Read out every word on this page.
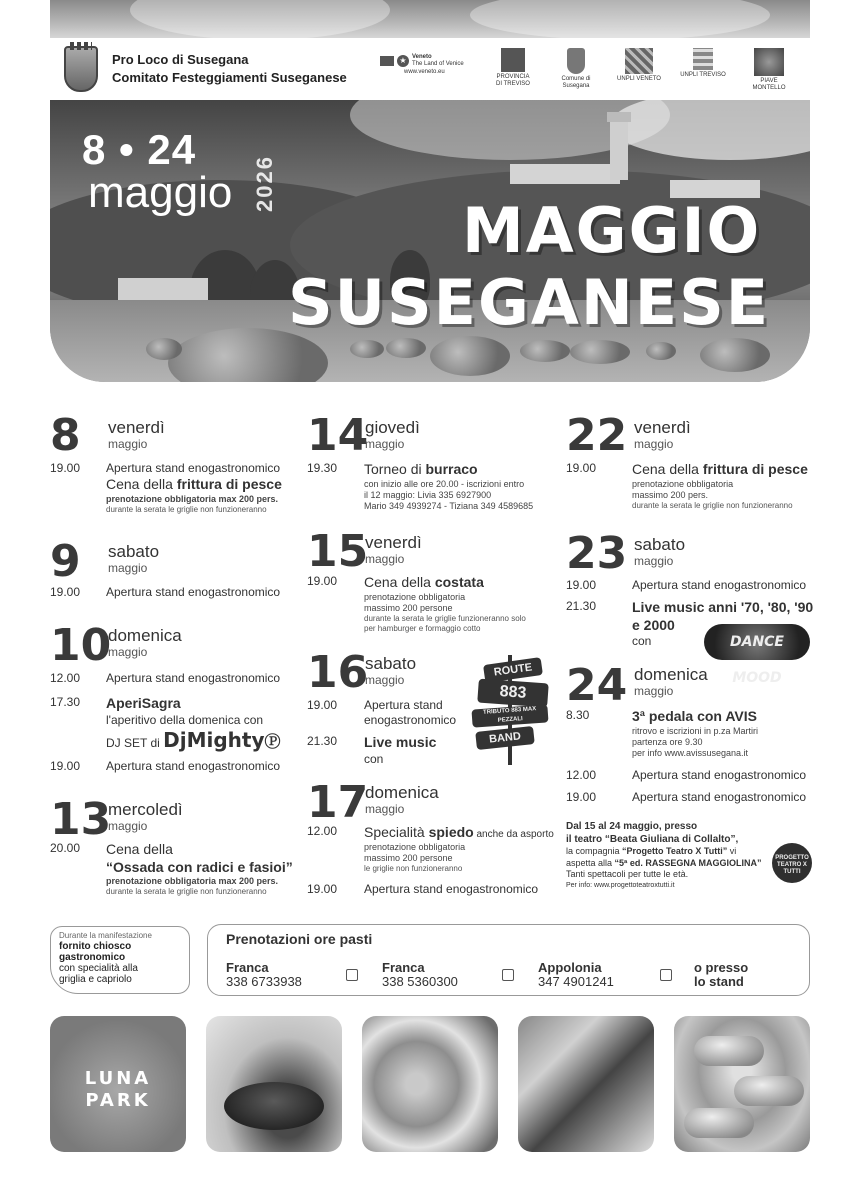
Pro Loco di Susegana
Comitato Festeggiamenti Suseganese
★ Veneto
The Land of Venice
www.veneto.eu
PROVINCIA DI TREVISO
Comune di
Susegana
UNPLI VENETO
UNPLI TREVISO
PIAVE MONTELLO
8 • 24
maggio 2026
MAGGIO
SUSEGANESE
8 venerdì
maggio
19.00 Apertura stand enogastronomico
Cena della frittura di pesce
prenotazione obbligatoria max 200 pers.
durante la serata le griglie non funzioneranno
9 sabato
maggio
19.00 Apertura stand enogastronomico
10
domenica
maggio
12.00 Apertura stand enogastronomico
17.30 AperiSagra
l'aperitivo della domenica con
DJ SET di DjMightyⓅ
19.00 Apertura stand enogastronomico
13
mercoledì
maggio
20.00 Cena della
“Ossada con radici e fasioi”
prenotazione obbligatoria max 200 pers.
durante la serata le griglie non funzioneranno
14
giovedì
maggio
19.30 Torneo di burraco
con inizio alle ore 20.00 - iscrizioni entro
il 12 maggio: Livia 335 6927900
Mario 349 4939274 - Tiziana 349 4589685
15
venerdì
maggio
19.00 Cena della costata
prenotazione obbligatoria
massimo 200 persone
durante la serata le griglie funzioneranno solo
per hamburger e formaggio cotto
16
sabato
maggio
19.00 Apertura stand
enogastronomico
21.30 Live music
con
ROUTE
883
TRIBUTO 883 MAX PEZZALI
BAND
17
domenica
maggio
12.00 Specialità spiedo anche da asporto
prenotazione obbligatoria
massimo 200 persone
le griglie non funzioneranno
19.00 Apertura stand enogastronomico
22 venerdì
maggio
19.00	Cena della frittura di pesce
prenotazione obbligatoria
massimo 200 pers.
durante la serata le griglie non funzioneranno
23 sabato
maggio
19.00	Apertura stand enogastronomico
21.30	Live music anni '70, '80, '90
e 2000
con	DANCE MOOD
24 domenica
maggio
8.30	3ª pedala con AVIS
ritrovo e iscrizioni in p.za Martiri
partenza ore 9.30
per info www.avissusegana.it
12.00	Apertura stand enogastronomico
19.00	Apertura stand enogastronomico
Dal 15 al 24 maggio, presso
il teatro “Beata Giuliana di Collalto”,
la compagnia “Progetto Teatro X Tutti” vi
aspetta alla “5ª ed. RASSEGNA MAGGIOLINA”
Tanti spettacoli per tutte le età.
Per info: www.progettoteatroxtutti.it
PROGETTO TEATRO X TUTTI
Durante la manifestazione
fornito chiosco
gastronomico
con specialità alla
griglia e capriolo
Prenotazioni ore pasti
Franca
338 6733938
Franca
338 5360300
Appolonia
347 4901241
o presso
lo stand
LUNA
PARK
